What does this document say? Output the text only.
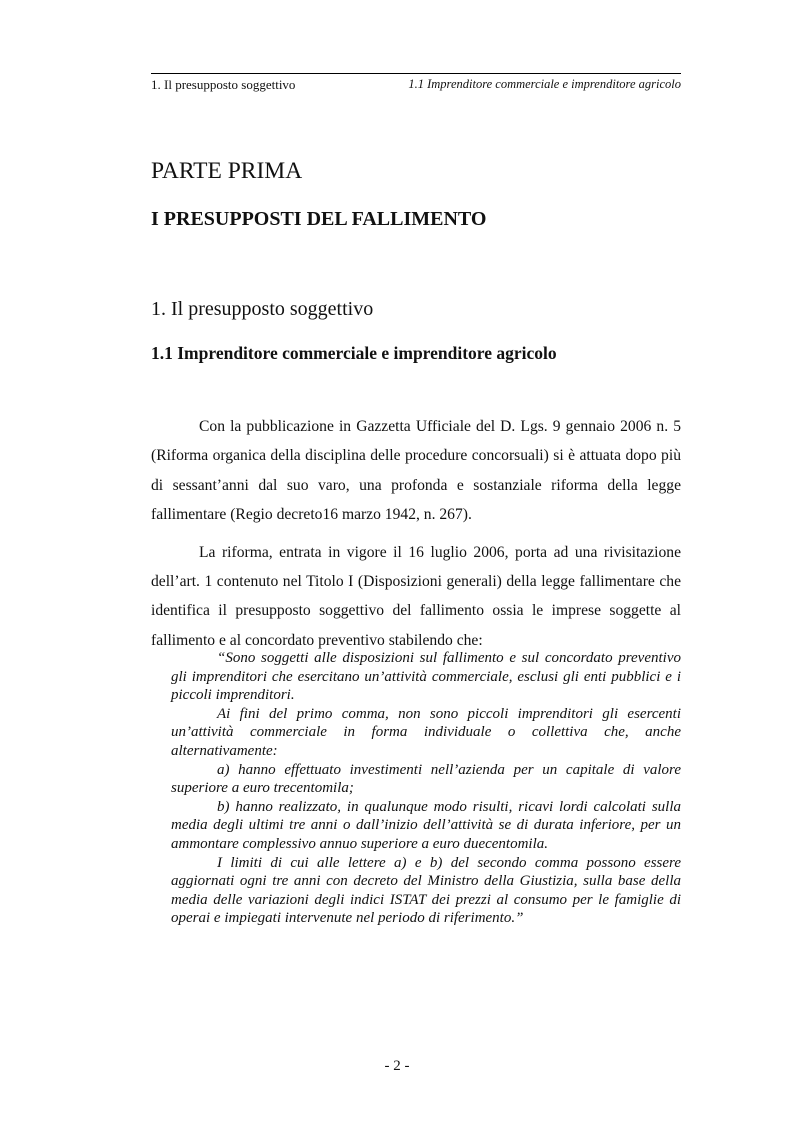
1. Il presupposto soggettivo	1.1 Imprenditore commerciale e imprenditore agricolo
PARTE PRIMA
I PRESUPPOSTI DEL FALLIMENTO
1. Il presupposto soggettivo
1.1 Imprenditore commerciale e imprenditore agricolo

Con la pubblicazione in Gazzetta Ufficiale del D. Lgs. 9 gennaio 2006 n. 5 (Riforma organica della disciplina delle procedure concorsuali) si è attuata dopo più di sessant’anni dal suo varo, una profonda e sostanziale riforma della legge fallimentare (Regio decreto16 marzo 1942, n. 267).

La riforma, entrata in vigore il 16 luglio 2006, porta ad una rivisitazione dell’art. 1 contenuto nel Titolo I (Disposizioni generali) della legge fallimentare che identifica il presupposto soggettivo del fallimento ossia le imprese soggette al fallimento e al concordato preventivo stabilendo che:

“Sono soggetti alle disposizioni sul fallimento e sul concordato preventivo gli imprenditori che esercitano un’attività commerciale, esclusi gli enti pubblici e i piccoli imprenditori.

Ai fini del primo comma, non sono piccoli imprenditori gli esercenti un’attività commerciale in forma individuale o collettiva che, anche alternativamente:

a) hanno effettuato investimenti nell’azienda per un capitale di valore superiore a euro trecentomila;

b) hanno realizzato, in qualunque modo risulti, ricavi lordi calcolati sulla media degli ultimi tre anni o dall’inizio dell’attività se di durata inferiore, per un ammontare complessivo annuo superiore a euro duecentomila.

I limiti di cui alle lettere a) e b) del secondo comma possono essere aggiornati ogni tre anni con decreto del Ministro della Giustizia, sulla base della media delle variazioni degli indici ISTAT dei prezzi al consumo per le famiglie di operai e impiegati intervenute nel periodo di riferimento.”

- 2 -
